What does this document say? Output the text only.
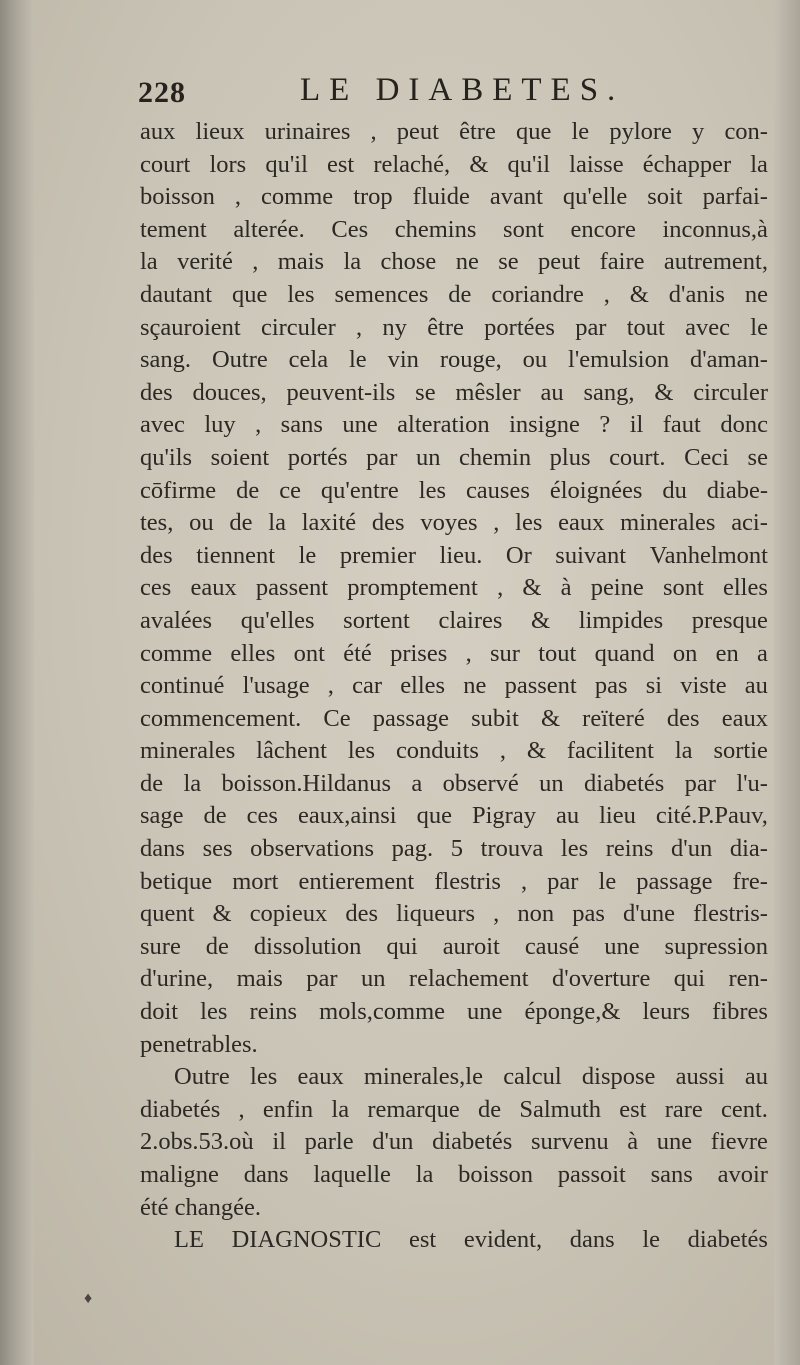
228	LE DIABETES.
aux lieux urinaires , peut être que le pylore y con-
court lors qu'il est relaché, & qu'il laisse échapper la
boisson , comme trop fluide avant qu'elle soit parfai-
tement alterée. Ces chemins sont encore inconnus,à
la verité , mais la chose ne se peut faire autrement,
dautant que les semences de coriandre , & d'anis ne
sçauroient circuler , ny être portées par tout avec le
sang. Outre cela le vin rouge, ou l'emulsion d'aman-
des douces, peuvent-ils se mêsler au sang, & circuler
avec luy , sans une alteration insigne ? il faut donc
qu'ils soient portés par un chemin plus court. Ceci se
cōfirme de ce qu'entre les causes éloignées du diabe-
tes, ou de la laxité des voyes , les eaux minerales aci-
des tiennent le premier lieu. Or suivant Vanhelmont
ces eaux passent promptement , & à peine sont elles
avalées qu'elles sortent claires & limpides presque
comme elles ont été prises , sur tout quand on en a
continué l'usage , car elles ne passent pas si viste au
commencement. Ce passage subit & reïteré des eaux
minerales lâchent les conduits , & facilitent la sortie
de la boisson.Hildanus a observé un diabetés par l'u-
sage de ces eaux,ainsi que Pigray au lieu cité.P.Pauv,
dans ses observations pag. 5 trouva les reins d'un dia-
betique mort entierement flestris , par le passage fre-
quent & copieux des liqueurs , non pas d'une flestris-
sure de dissolution qui auroit causé une supression
d'urine, mais par un relachement d'overture qui ren-
doit les reins mols,comme une éponge,& leurs fibres
penetrables.
Outre les eaux minerales,le calcul dispose aussi au
diabetés , enfin la remarque de Salmuth est rare cent.
2.obs.53.où il parle d'un diabetés survenu à une fievre
maligne dans laquelle la boisson passoit sans avoir
été changée.
LE DIAGNOSTIC est evident, dans le diabetés
♦
